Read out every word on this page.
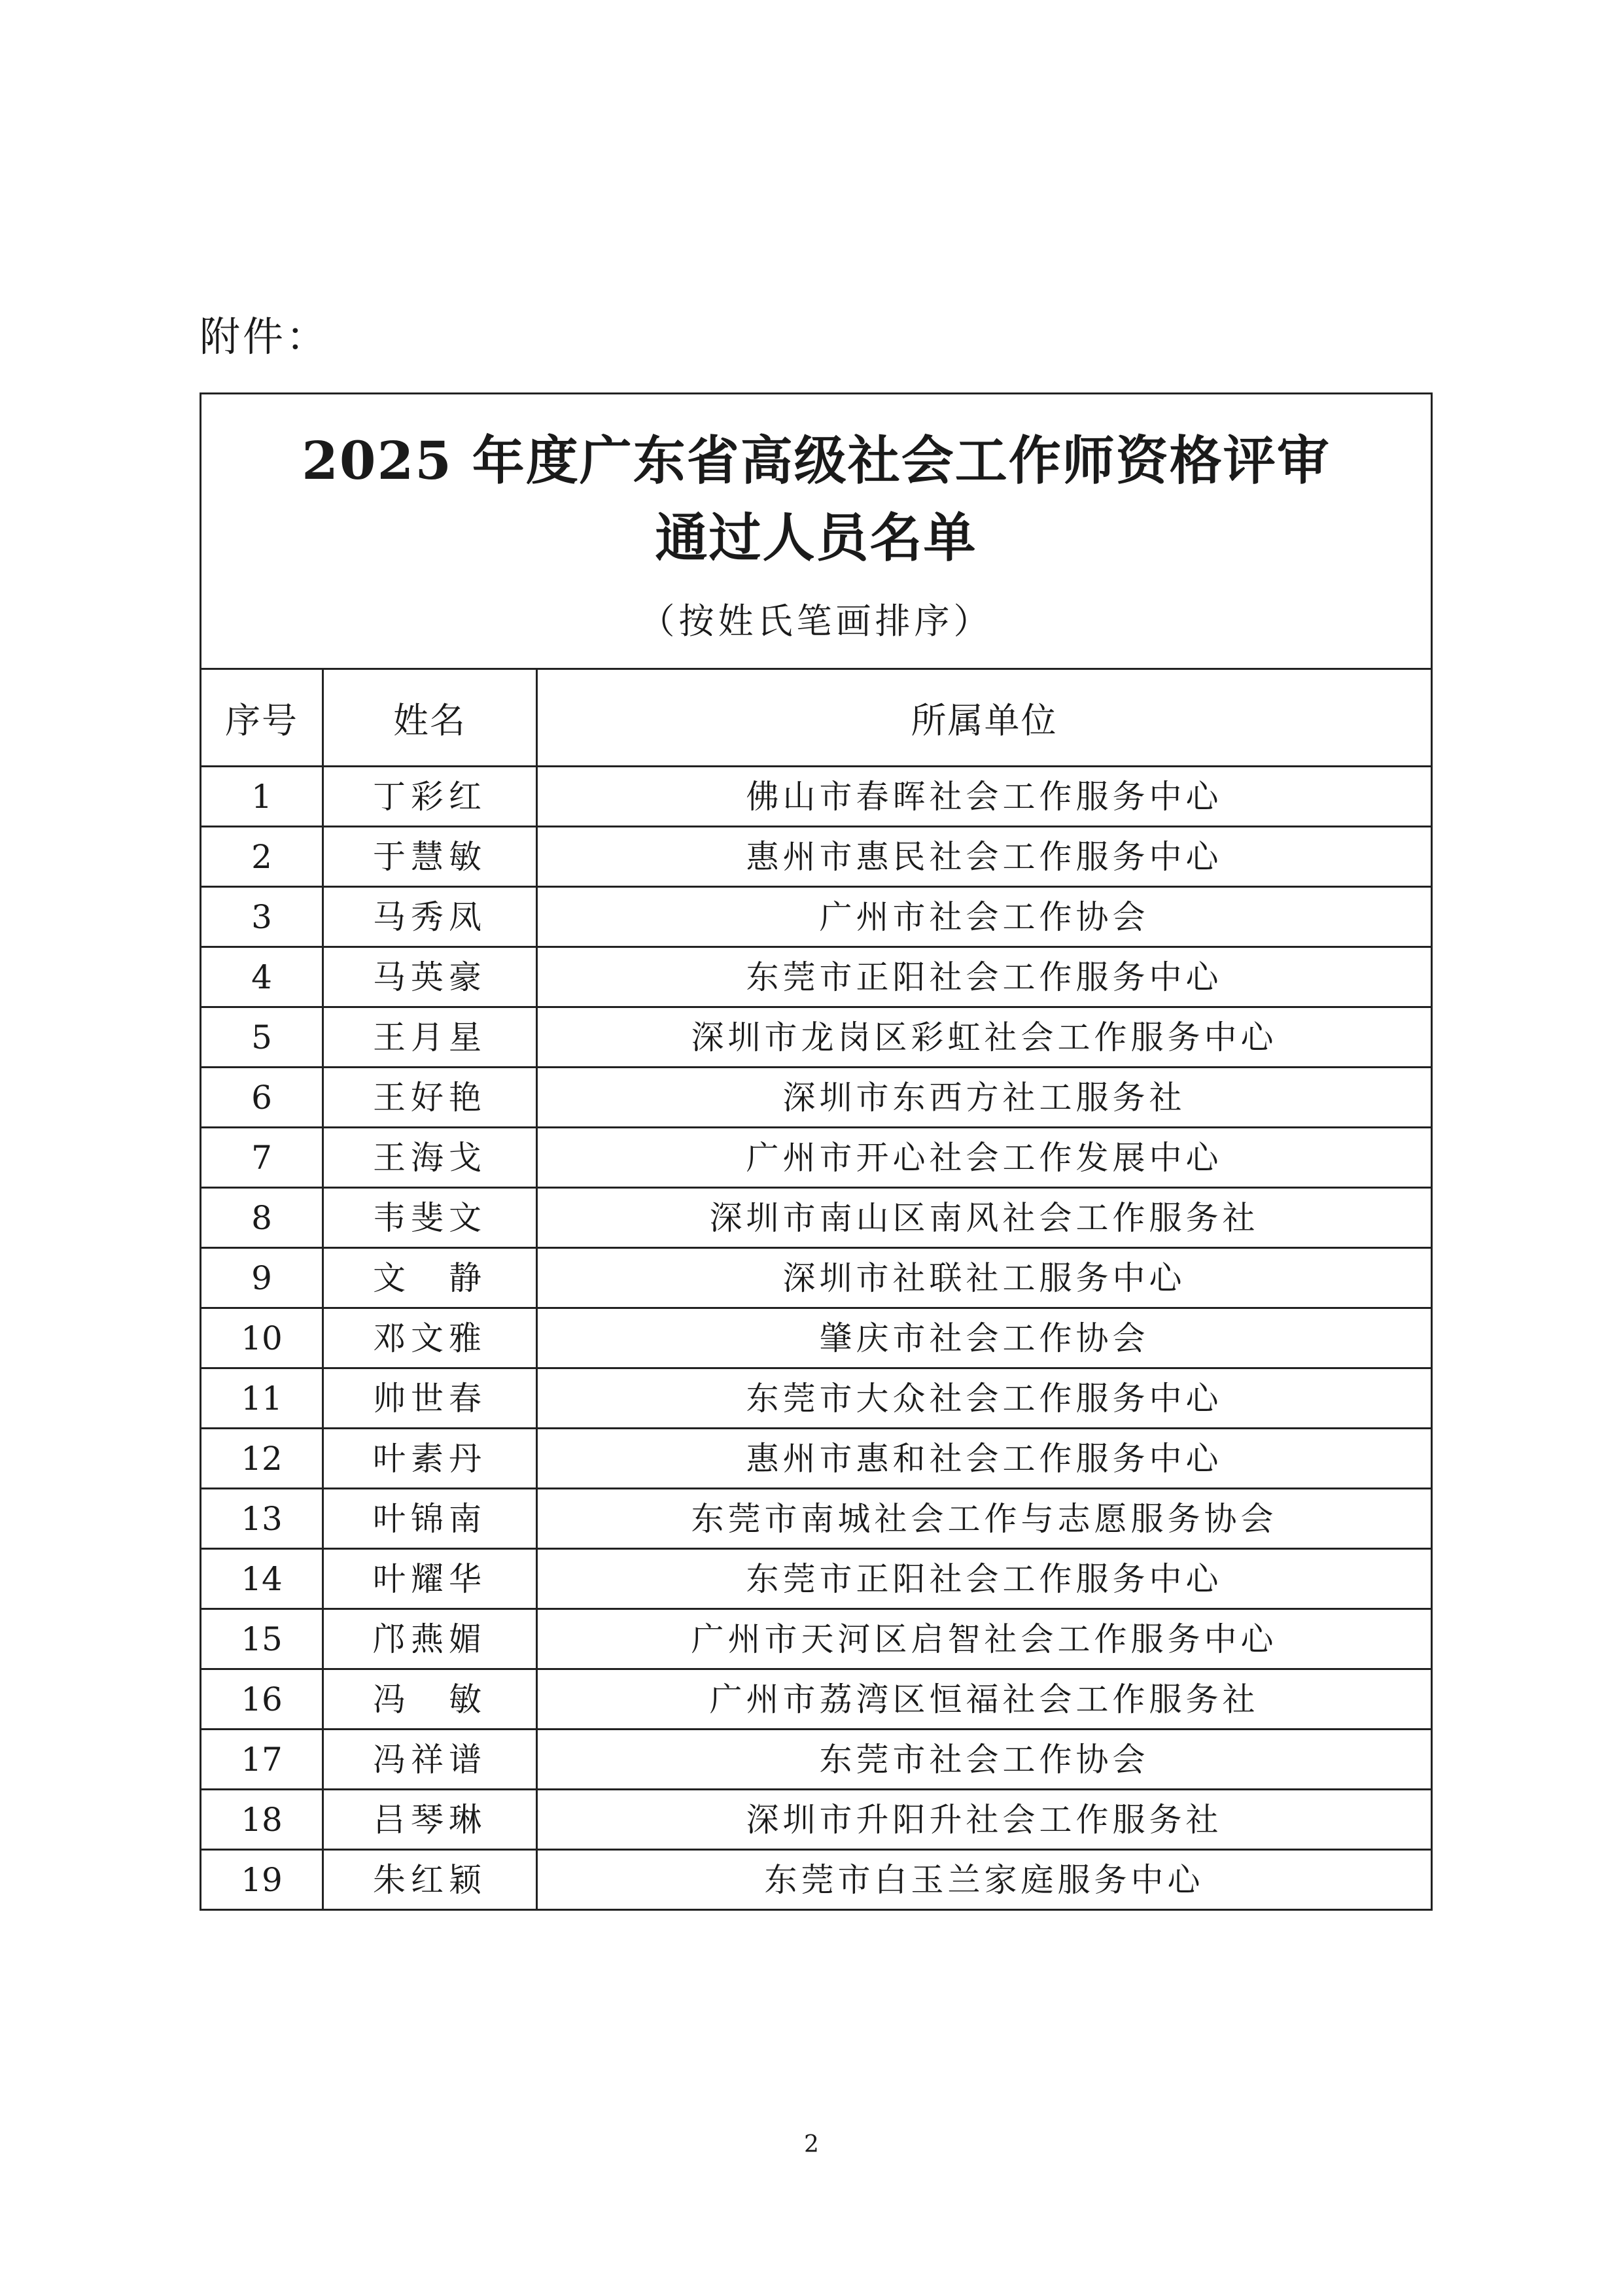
附件：
2025 年度广东省高级社会工作师资格评审
通过人员名单
（按姓氏笔画排序）		

序号	姓名	所属单位
1	丁彩红	佛山市春晖社会工作服务中心
2	于慧敏	惠州市惠民社会工作服务中心
3	马秀凤	广州市社会工作协会
4	马英豪	东莞市正阳社会工作服务中心
5	王月星	深圳市龙岗区彩虹社会工作服务中心
6	王好艳	深圳市东西方社工服务社
7	王海戈	广州市开心社会工作发展中心
8	韦斐文	深圳市南山区南风社会工作服务社
9	文　静	深圳市社联社工服务中心
10	邓文雅	肇庆市社会工作协会
11	帅世春	东莞市大众社会工作服务中心
12	叶素丹	惠州市惠和社会工作服务中心
13	叶锦南	东莞市南城社会工作与志愿服务协会
14	叶耀华	东莞市正阳社会工作服务中心
15	邝燕媚	广州市天河区启智社会工作服务中心
16	冯　敏	广州市荔湾区恒福社会工作服务社
17	冯祥谱	东莞市社会工作协会
18	吕琴琳	深圳市升阳升社会工作服务社
19	朱红颖	东莞市白玉兰家庭服务中心
2
